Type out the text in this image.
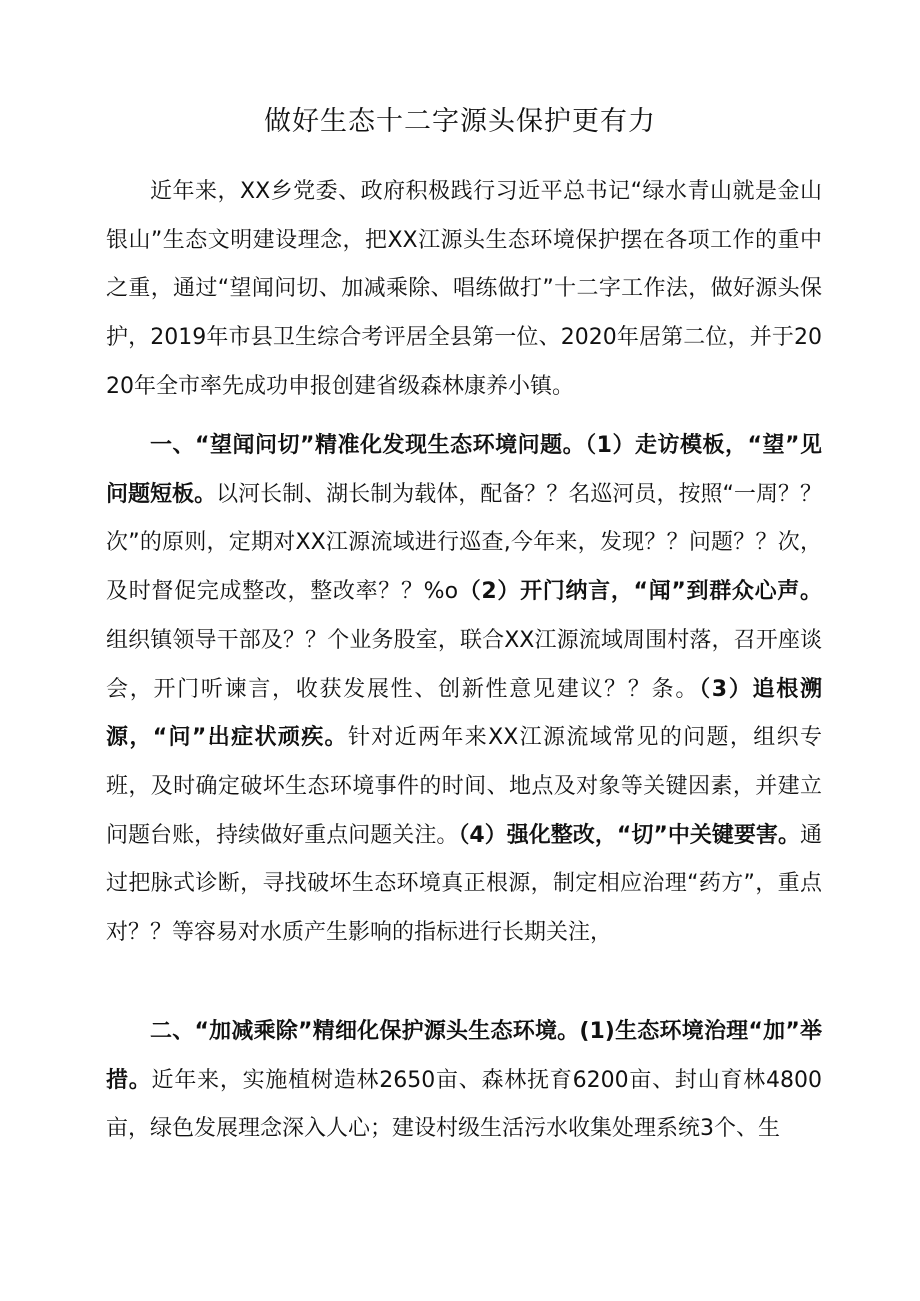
做好生态十二字源头保护更有力
近年来，XX乡党委、政府积极践行习近平总书记“绿水青山就是金山银山”生态文明建设理念，把XX江源头生态环境保护摆在各项工作的重中之重，通过“望闻问切、加减乘除、唱练做打”十二字工作法，做好源头保护，2019年市县卫生综合考评居全县第一位、2020年居第二位，并于2020年全市率先成功申报创建省级森林康养小镇。
一、“望闻问切”精准化发现生态环境问题。（1）走访模板，“望”见问题短板。以河长制、湖长制为载体，配备？？名巡河员，按照“一周？？次”的原则，定期对XX江源流域进行巡查,今年来，发现？？问题？？次，及时督促完成整改，整改率？？%o（2）开门纳言，“闻”到群众心声。组织镇领导干部及？？个业务股室，联合XX江源流域周围村落，召开座谈会，开门听谏言，收获发展性、创新性意见建议？？条。（3）追根溯源，“问”出症状顽疾。针对近两年来XX江源流域常见的问题，组织专班，及时确定破坏生态环境事件的时间、地点及对象等关键因素，并建立问题台账，持续做好重点问题关注。（4）强化整改，“切”中关键要害。通过把脉式诊断，寻找破坏生态环境真正根源，制定相应治理“药方”，重点对？？等容易对水质产生影响的指标进行长期关注，
二、“加减乘除”精细化保护源头生态环境。(1)生态环境治理“加”举措。近年来，实施植树造林2650亩、森林抚育6200亩、封山育林4800亩，绿色发展理念深入人心；建设村级生活污水收集处理系统3个、生
